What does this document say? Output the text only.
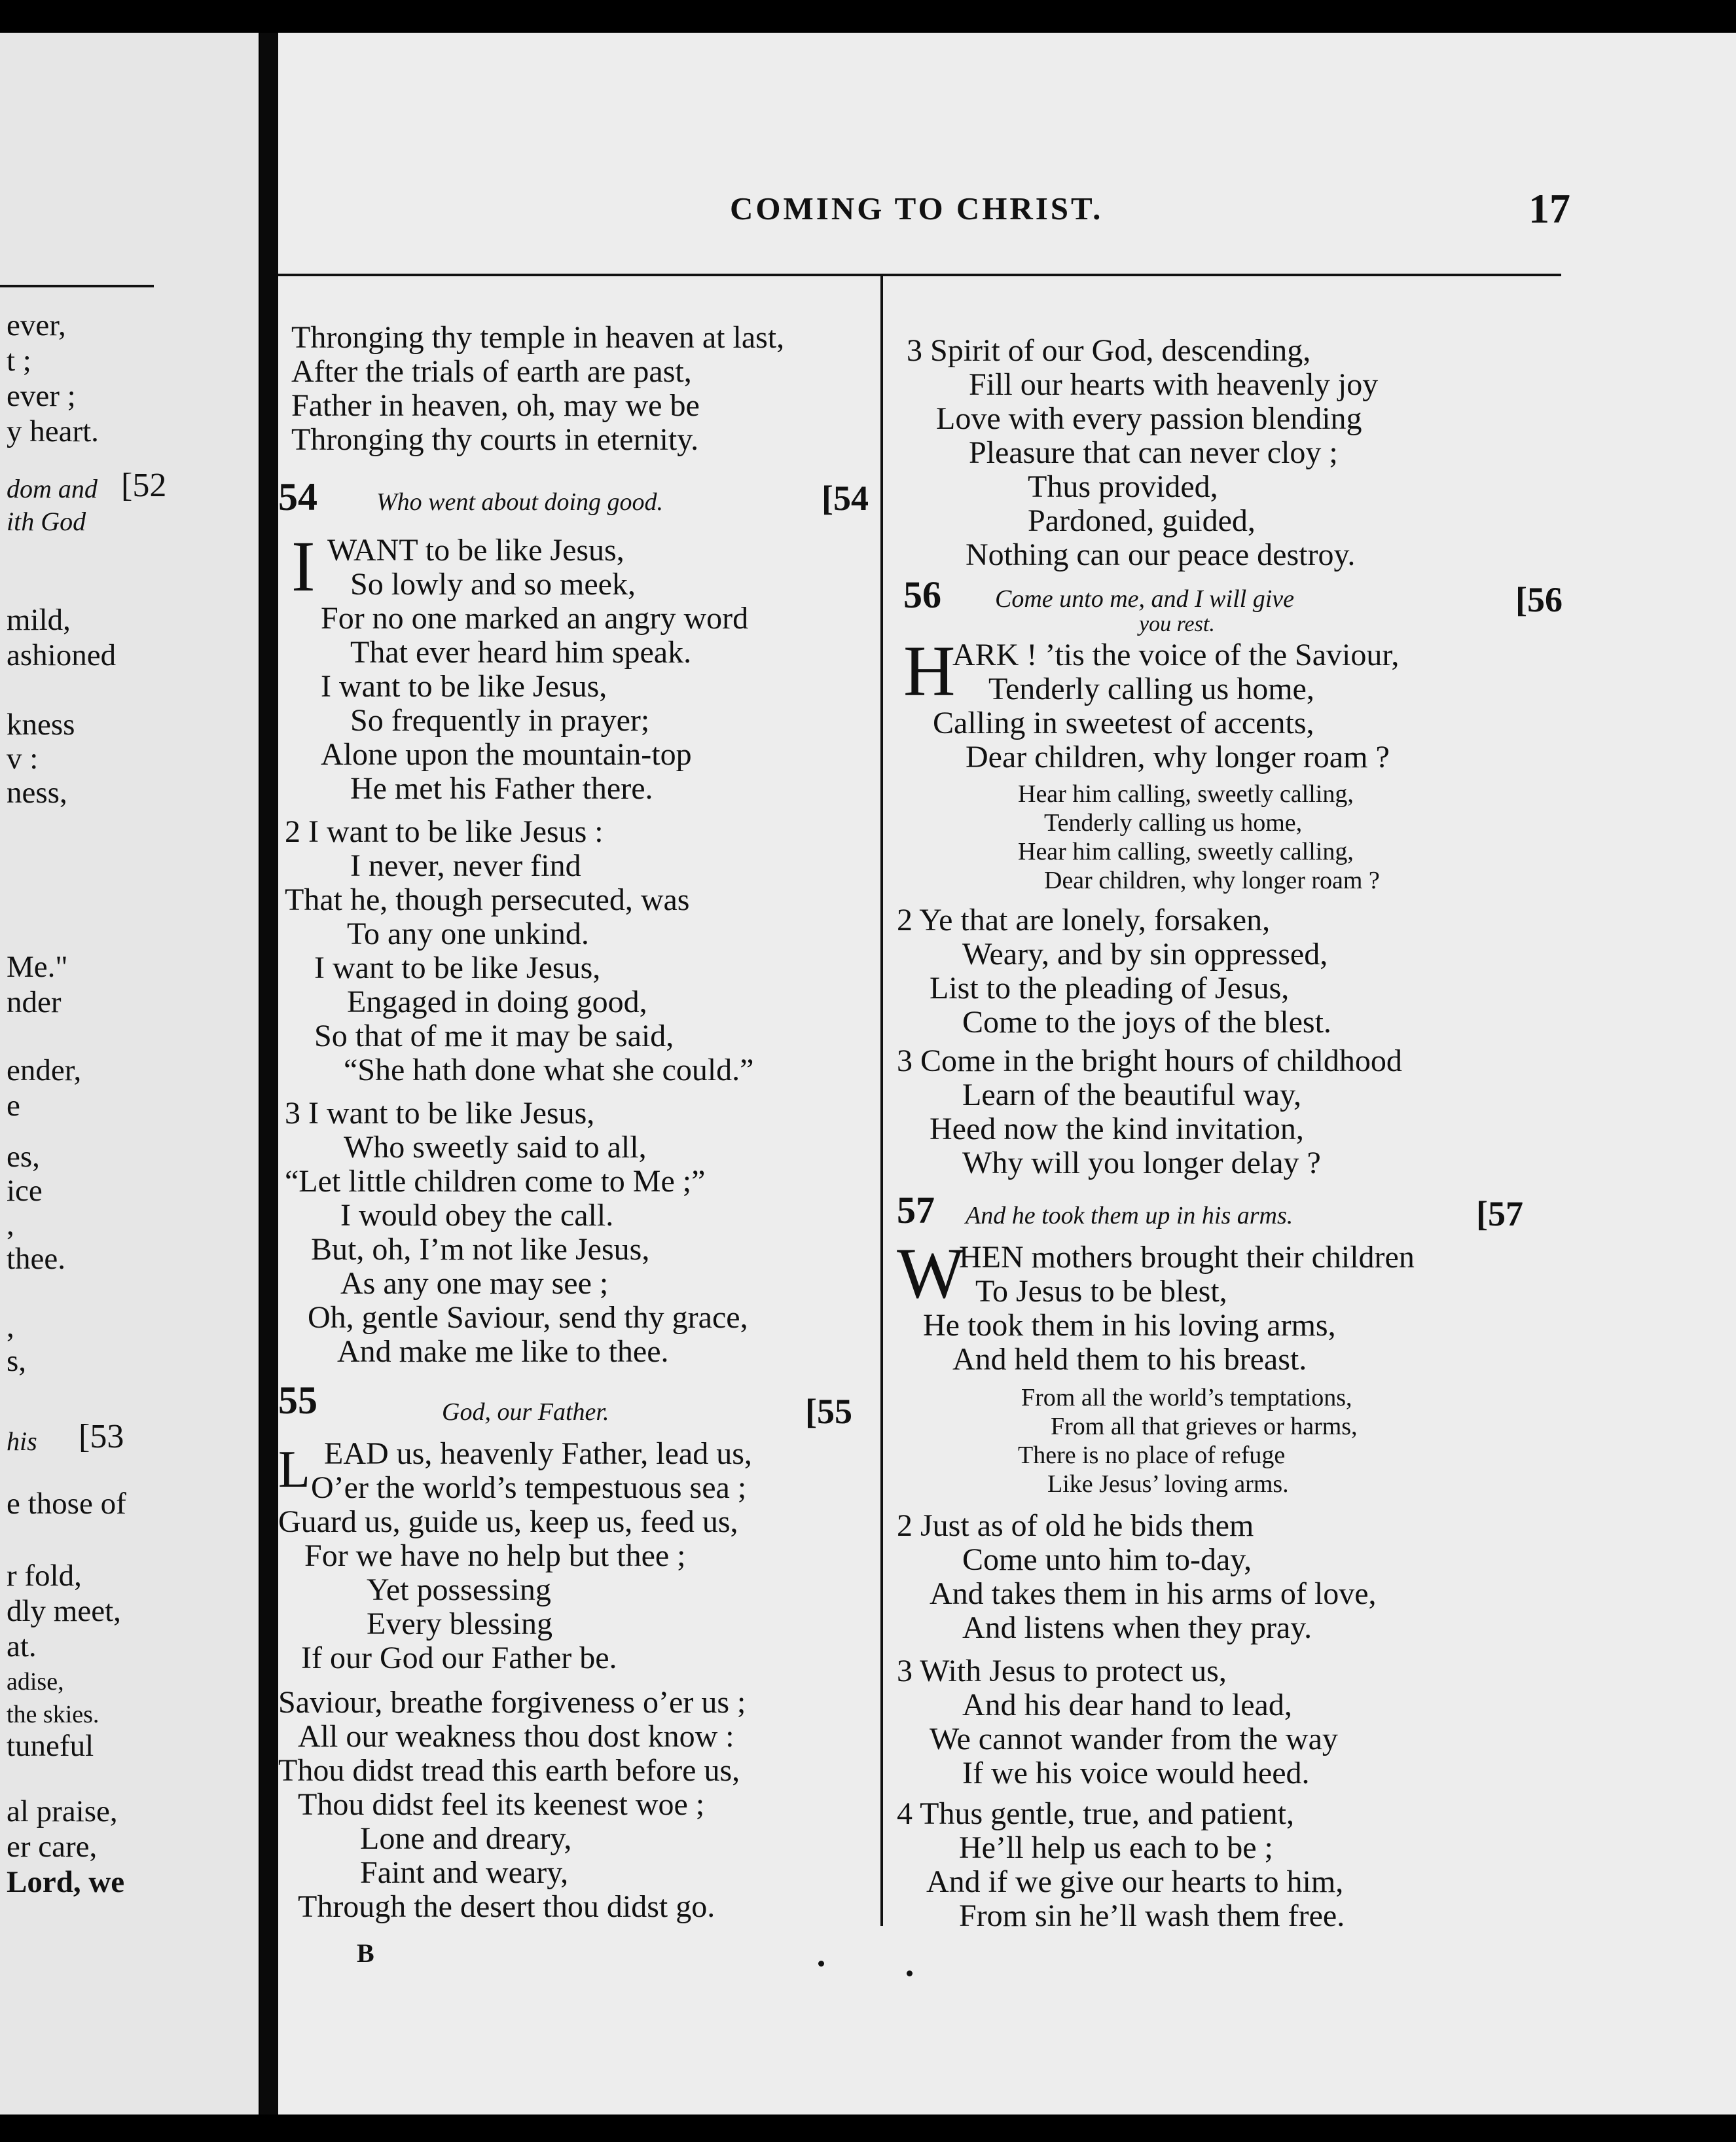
ever,
t ;
ever ;
y heart.
dom and [52
ith God
mild,
ashioned
kness
v :
ness,
Me."
nder
ender,
e
es,
ice
,
thee.
,
s,
his [53
e those of
r fold,
dly meet,
at.
adise,
the skies.
tuneful
al praise,
er care,
Lord, we
COMING TO CHRIST.	17
Thronging thy temple in heaven at last,
After the trials of earth are past,
Father in heaven, oh, may we be
Thronging thy courts in eternity.
54 Who went about doing good.	[54
I WANT to be like Jesus,
So lowly and so meek,
For no one marked an angry word
That ever heard him speak.
I want to be like Jesus,
So frequently in prayer;
Alone upon the mountain-top
He met his Father there.
2 I want to be like Jesus :
I never, never find
That he, though persecuted, was
To any one unkind.
I want to be like Jesus,
Engaged in doing good,
So that of me it may be said,
“She hath done what she could.”
3 I want to be like Jesus,
Who sweetly said to all,
“Let little children come to Me ;”
I would obey the call.
But, oh, I’m not like Jesus,
As any one may see ;
Oh, gentle Saviour, send thy grace,
And make me like to thee.
55	God, our Father.	[55
L EAD us, heavenly Father, lead us,
O’er the world’s tempestuous sea ;
Guard us, guide us, keep us, feed us,
For we have no help but thee ;
Yet possessing
Every blessing
If our God our Father be.
Saviour, breathe forgiveness o’er us ;
All our weakness thou dost know :
Thou didst tread this earth before us,
Thou didst feel its keenest woe ;
Lone and dreary,
Faint and weary,
Through the desert thou didst go.
B
3 Spirit of our God, descending,
Fill our hearts with heavenly joy
Love with every passion blending
Pleasure that can never cloy ;
Thus provided,
Pardoned, guided,
Nothing can our peace destroy.
56 Come unto me, and I will give
you rest.
[56
H
ARK ! ’tis the voice of the Saviour,
Tenderly calling us home,
Calling in sweetest of accents,
Dear children, why longer roam ?
Hear him calling, sweetly calling,
Tenderly calling us home,
Hear him calling, sweetly calling,
Dear children, why longer roam ?
2 Ye that are lonely, forsaken,
Weary, and by sin oppressed,
List to the pleading of Jesus,
Come to the joys of the blest.
3 Come in the bright hours of childhood
Learn of the beautiful way,
Heed now the kind invitation,
Why will you longer delay ?
57 And he took them up in his arms.	[57
W
HEN mothers brought their children
To Jesus to be blest,
He took them in his loving arms,
And held them to his breast.
From all the world’s temptations,
From all that grieves or harms,
There is no place of refuge
Like Jesus’ loving arms.
2 Just as of old he bids them
Come unto him to-day,
And takes them in his arms of love,
And listens when they pray.
3 With Jesus to protect us,
And his dear hand to lead,
We cannot wander from the way
If we his voice would heed.
4 Thus gentle, true, and patient,
He’ll help us each to be ;
And if we give our hearts to him,
From sin he’ll wash them free.
